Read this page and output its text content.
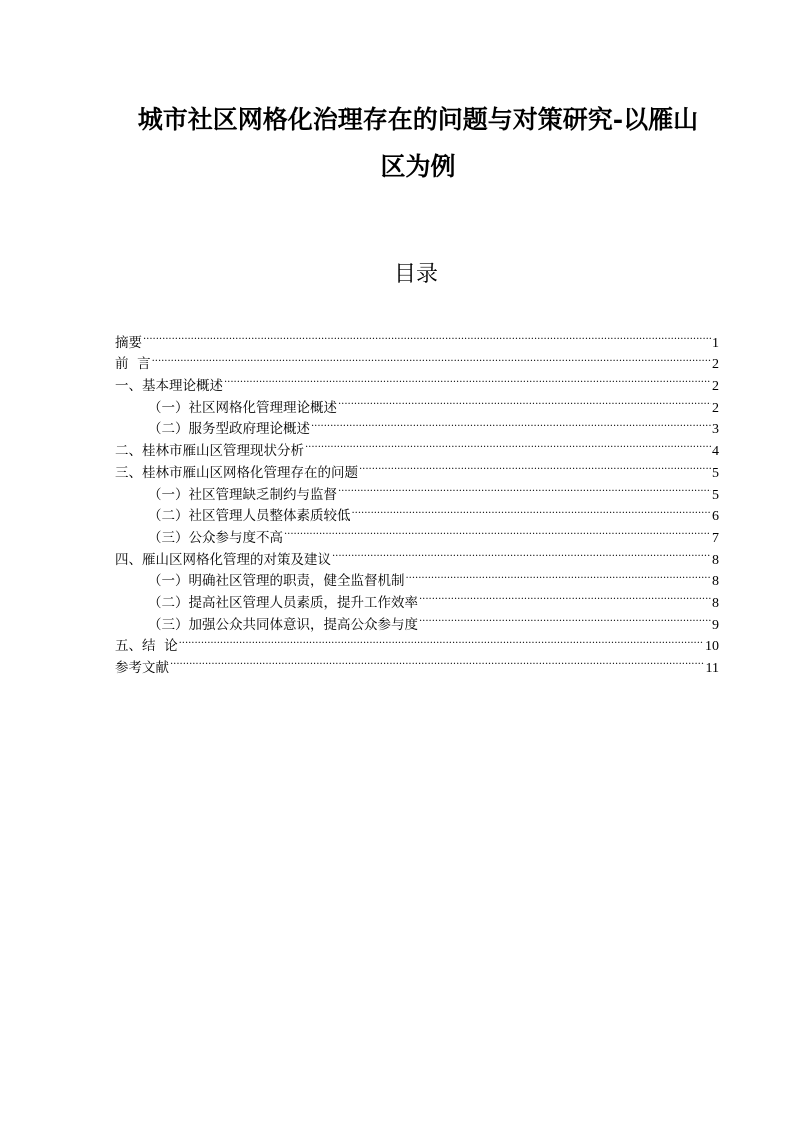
城市社区网格化治理存在的问题与对策研究-以雁山
区为例
目录
摘要 .....	1
前  言 .....	2
一、基本理论概述 .....	2
（一）社区网格化管理理论概述 .....	2
（二）服务型政府理论概述 .....	3
二、桂林市雁山区管理现状分析 .....	4
三、桂林市雁山区网格化管理存在的问题 .....	5
（一）社区管理缺乏制约与监督 .....	5
（二）社区管理人员整体素质较低 .....	6
（三）公众参与度不高 .....	7
四、雁山区网格化管理的对策及建议 .....	8
（一）明确社区管理的职责，健全监督机制 .....	8
（二）提高社区管理人员素质，提升工作效率 .....	8
（三）加强公众共同体意识，提高公众参与度 .....	9
五、结  论 .....	10
参考文献 .....	11
